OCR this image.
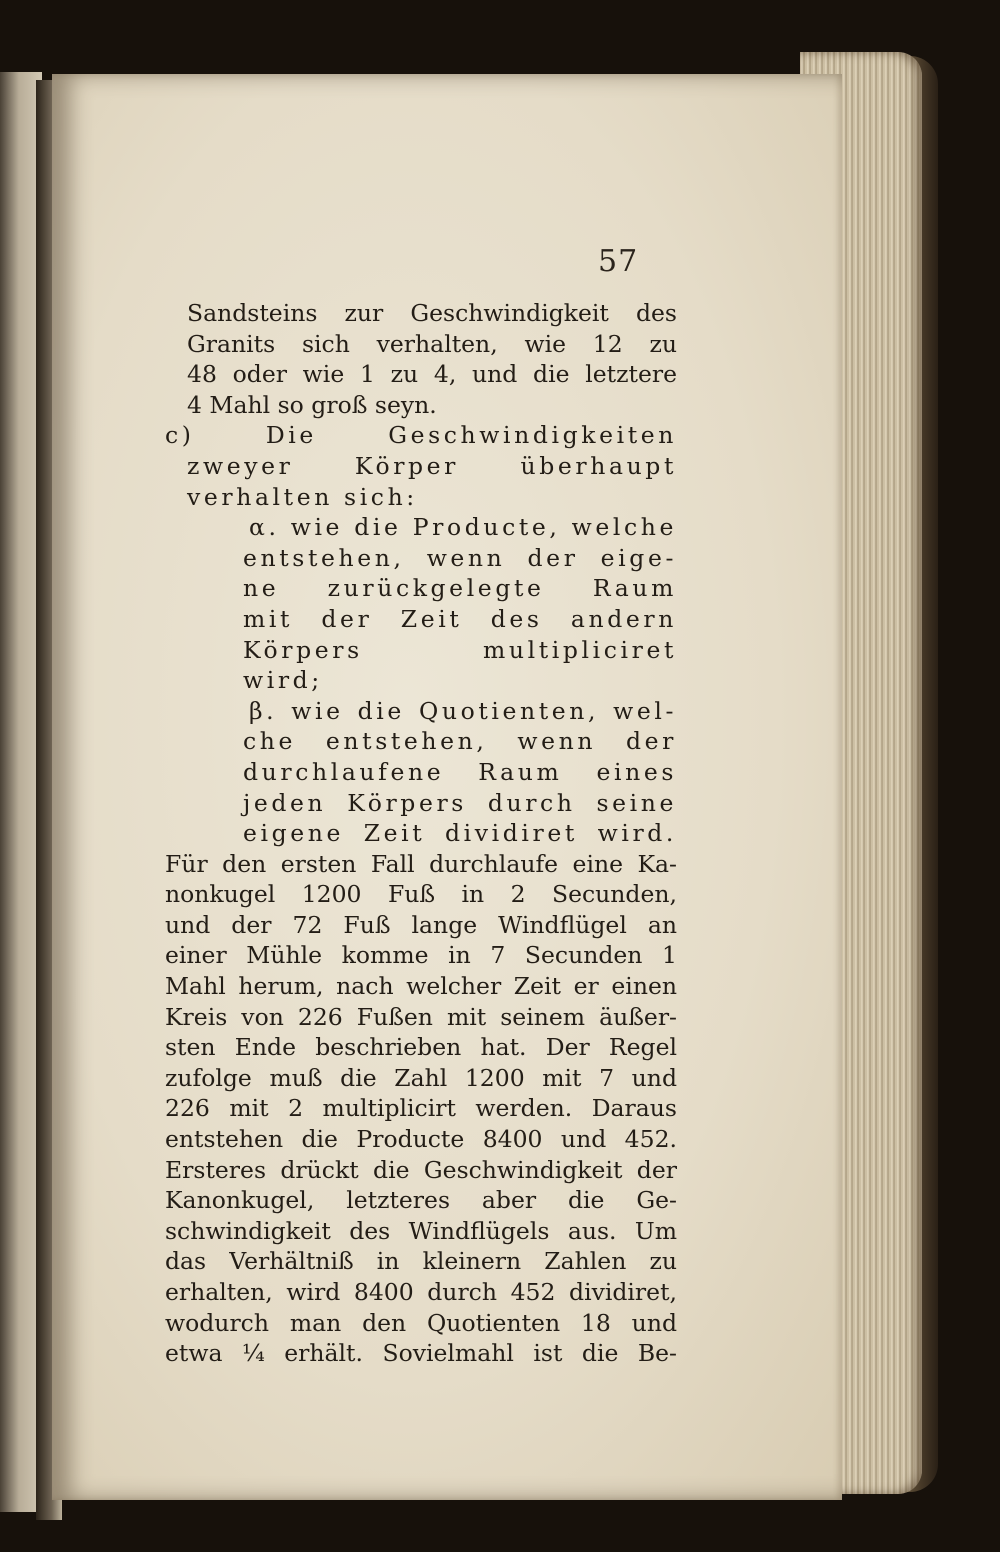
57
Sandsteins zur Geschwindigkeit des
Granits sich verhalten, wie 12 zu
48 oder wie 1 zu 4, und die letztere
4 Mahl so groß seyn.
c) Die Geschwindigkeiten
zweyer Körper überhaupt
verhalten sich:
α. wie die Producte, welche
entstehen, wenn der eige-
ne zurückgelegte Raum
mit der Zeit des andern
Körpers multipliciret
wird;
β. wie die Quotienten, wel-
che entstehen, wenn der
durchlaufene Raum eines
jeden Körpers durch seine
eigene Zeit dividiret wird.
Für den ersten Fall durchlaufe eine Ka-
nonkugel 1200 Fuß in 2 Secunden,
und der 72 Fuß lange Windflügel an
einer Mühle komme in 7 Secunden 1
Mahl herum, nach welcher Zeit er einen
Kreis von 226 Fußen mit seinem äußer-
sten Ende beschrieben hat. Der Regel
zufolge muß die Zahl 1200 mit 7 und
226 mit 2 multiplicirt werden. Daraus
entstehen die Producte 8400 und 452.
Ersteres drückt die Geschwindigkeit der
Kanonkugel, letzteres aber die Ge-
schwindigkeit des Windflügels aus. Um
das Verhältniß in kleinern Zahlen zu
erhalten, wird 8400 durch 452 dividiret,
wodurch man den Quotienten 18 und
etwa ¼ erhält. Sovielmahl ist die Be-
